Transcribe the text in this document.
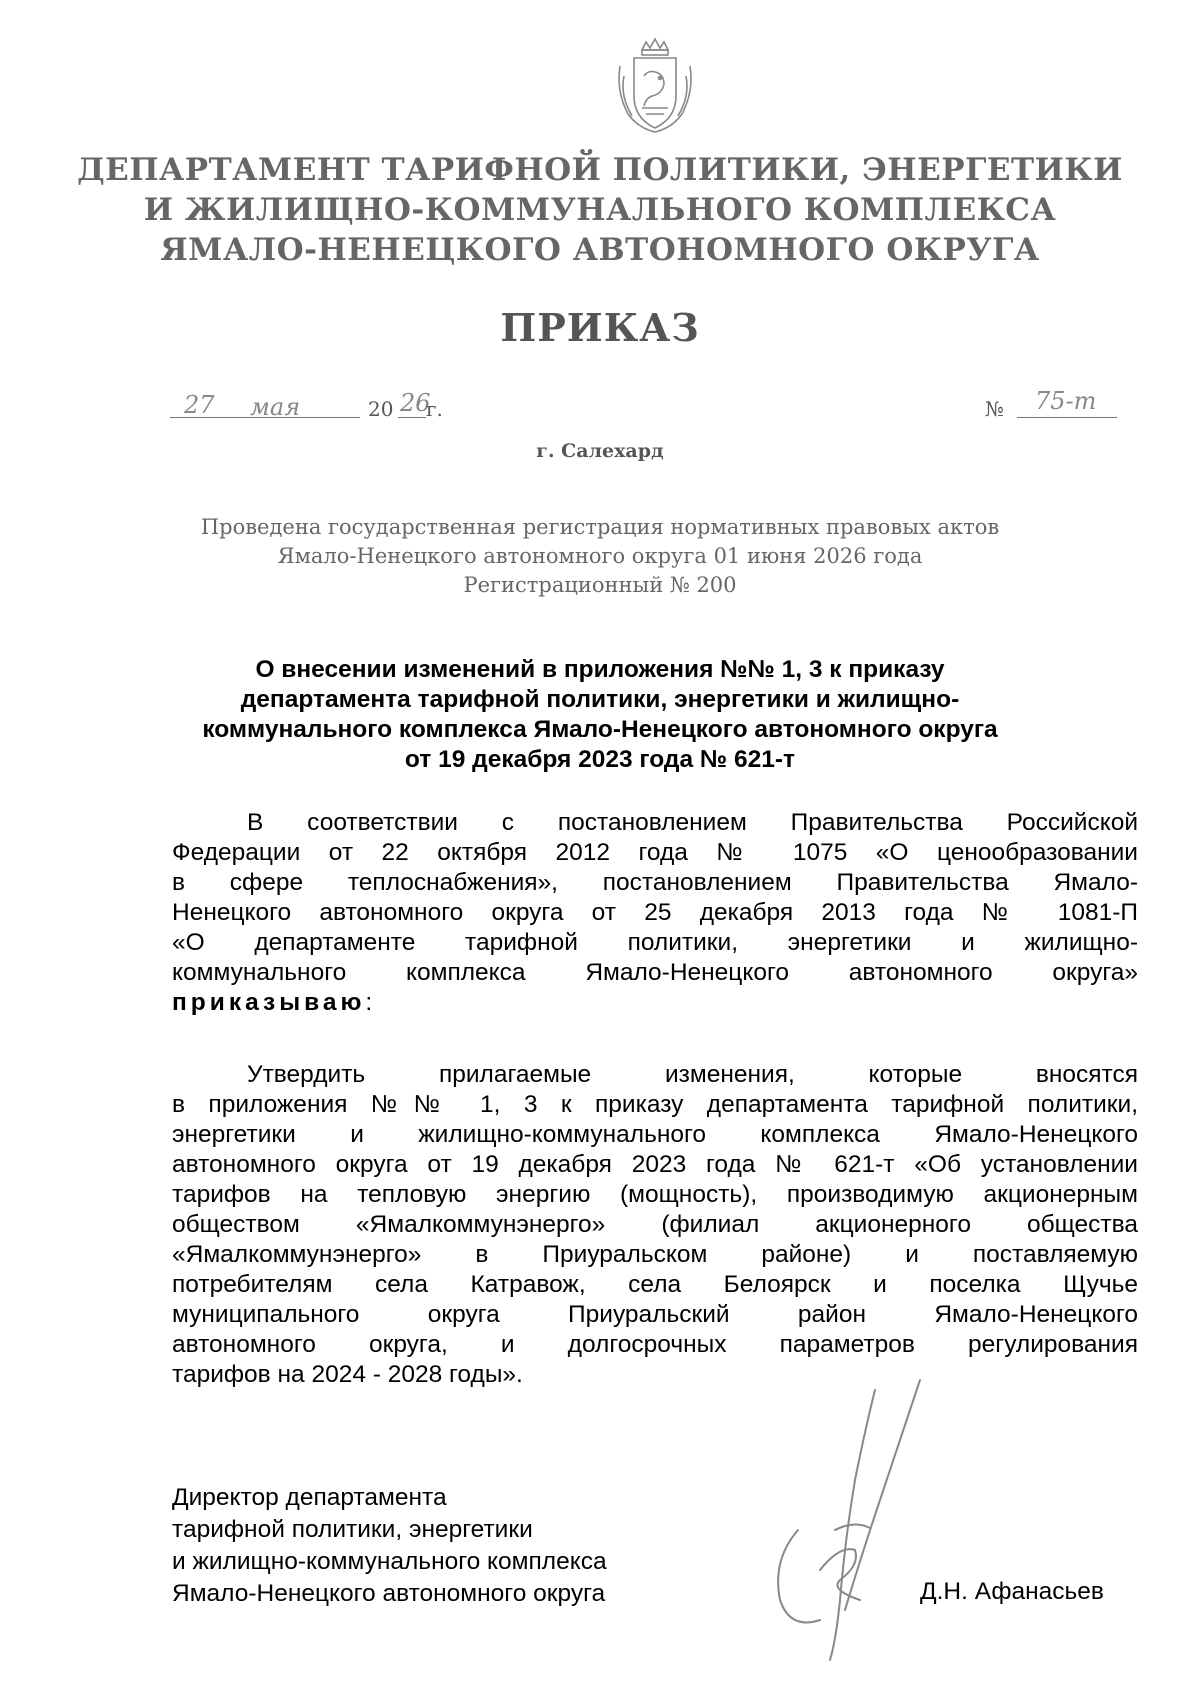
ДЕПАРТАМЕНТ ТАРИФНОЙ ПОЛИТИКИ, ЭНЕРГЕТИКИ
И ЖИЛИЩНО-КОММУНАЛЬНОГО КОМПЛЕКСА
ЯМАЛО-НЕНЕЦКОГО АВТОНОМНОГО ОКРУГА
ПРИКАЗ
27 мая	20 26
г.	№ 75-т
г. Салехард
Проведена государственная регистрация нормативных правовых актов
Ямало-Ненецкого автономного округа 01 июня 2026 года
Регистрационный № 200
О внесении изменений в приложения №№ 1, 3 к приказу
департамента тарифной политики, энергетики и жилищно-
коммунального комплекса Ямало-Ненецкого автономного округа
от 19 декабря 2023 года № 621-т
В соответствии с постановлением Правительства Российской
Федерации от 22 октября 2012 года № 1075 «О ценообразовании
в сфере теплоснабжения», постановлением Правительства Ямало-
Ненецкого автономного округа от 25 декабря 2013 года № 1081-П
«О департаменте тарифной политики, энергетики и жилищно-
коммунального комплекса Ямало-Ненецкого автономного округа»
приказываю:
Утвердить прилагаемые изменения, которые вносятся
в приложения №№ 1, 3 к приказу департамента тарифной политики,
энергетики и жилищно-коммунального комплекса Ямало-Ненецкого
автономного округа от 19 декабря 2023 года № 621-т «Об установлении
тарифов на тепловую энергию (мощность), производимую акционерным
обществом «Ямалкоммунэнерго» (филиал акционерного общества
«Ямалкоммунэнерго» в Приуральском районе) и поставляемую
потребителям села Катравож, села Белоярск и поселка Щучье
муниципального округа Приуральский район Ямало-Ненецкого
автономного округа, и долгосрочных параметров регулирования
тарифов на 2024 - 2028 годы».
Директор департамента
тарифной политики, энергетики
и жилищно-коммунального комплекса
Ямало-Ненецкого автономного округа	Д.Н. Афанасьев
